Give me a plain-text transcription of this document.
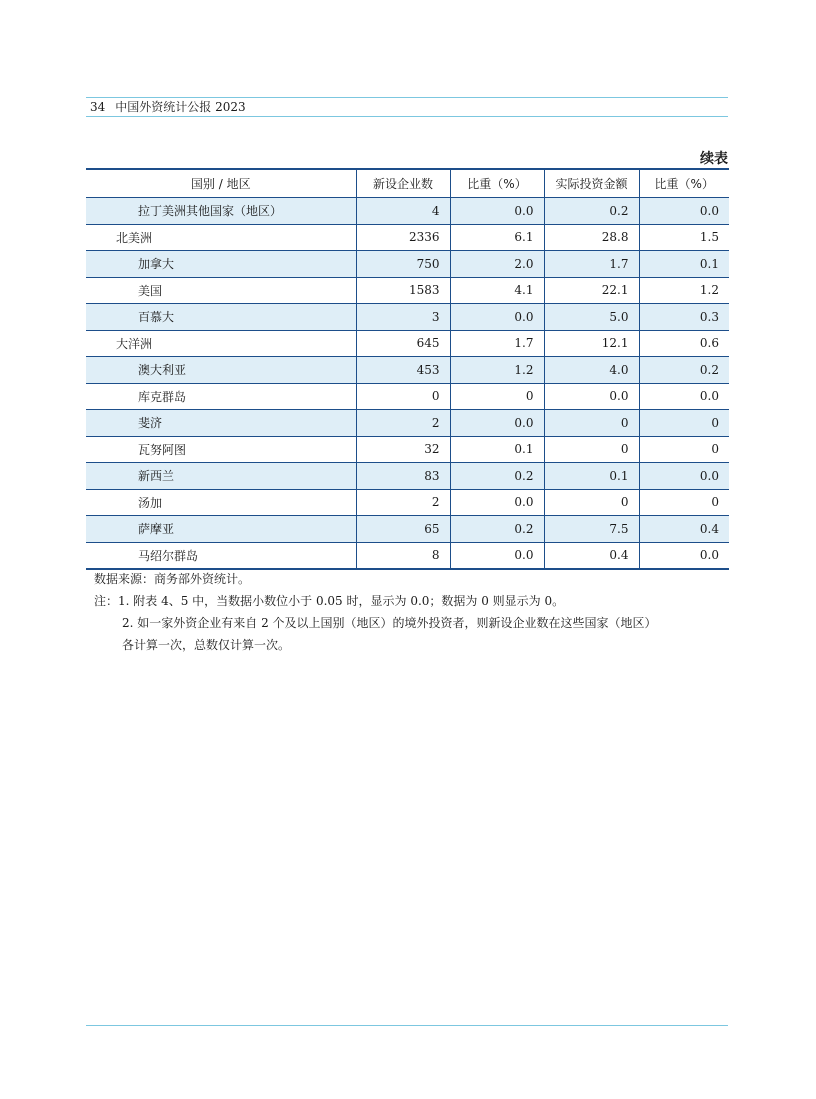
34 中国外资统计公报 2023
续表
国别 / 地区	新设企业数	比重（%）	实际投资金额	比重（%）
拉丁美洲其他国家（地区）	4	0.0	0.2	0.0
北美洲	2336	6.1	28.8	1.5
加拿大	750	2.0	1.7	0.1
美国	1583	4.1	22.1	1.2
百慕大	3	0.0	5.0	0.3
大洋洲	645	1.7	12.1	0.6
澳大利亚	453	1.2	4.0	0.2
库克群岛	0	0	0.0	0.0
斐济	2	0.0	0	0
瓦努阿图	32	0.1	0	0
新西兰	83	0.2	0.1	0.0
汤加	2	0.0	0	0
萨摩亚	65	0.2	7.5	0.4
马绍尔群岛	8	0.0	0.4	0.0

数据来源：商务部外资统计。

注：1. 附表 4、5 中，当数据小数位小于 0.05 时，显示为 0.0；数据为 0 则显示为 0。

2. 如一家外资企业有来自 2 个及以上国别（地区）的境外投资者，则新设企业数在这些国家（地区）

各计算一次，总数仅计算一次。
